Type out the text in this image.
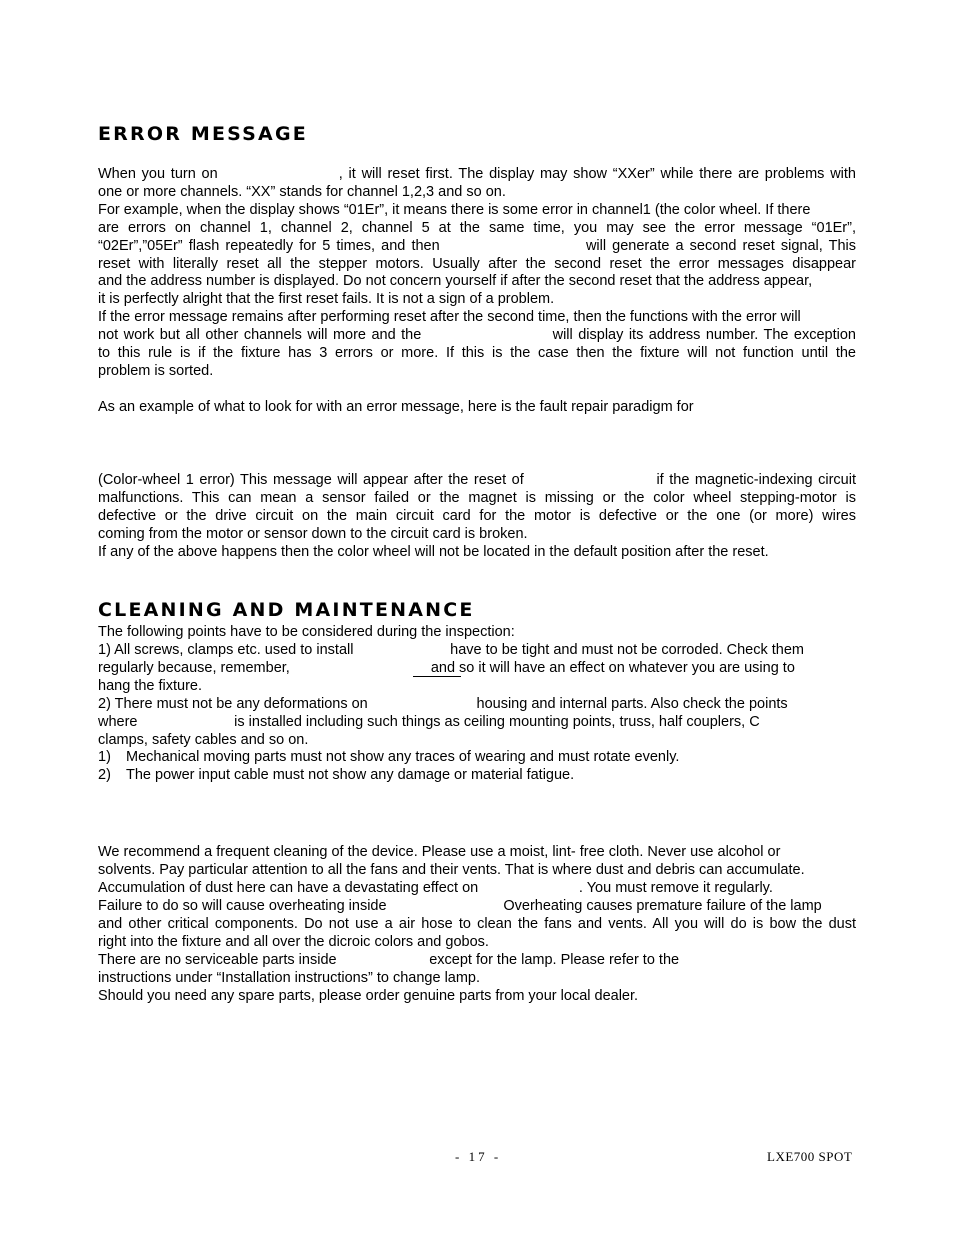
ERROR MESSAGE

When you turn on                     , it will reset first. The display may show “XXer” while there are problems with

one or more channels. “XX” stands for channel 1,2,3 and so on.

For example, when the display shows “01Er”, it means there is some error in channel1 (the color wheel. If there

are errors on channel 1, channel 2, channel 5 at the same time, you may see the error message “01Er”,

“02Er”,”05Er” flash repeatedly for 5 times, and then                        will generate a second reset signal, This

reset with literally reset all the stepper motors. Usually after the second reset the error messages disappear

and the address number is displayed. Do not concern yourself if after the second reset that the address appear,

it is perfectly alright that the first reset fails. It is not a sign of a problem.

If the error message remains after performing reset after the second time, then the functions with the error will

not work but all other channels will more and the                        will display its address number. The exception

to this rule is if the fixture has 3 errors or more. If this is the case then the fixture will not function until the

problem is sorted.

As an example of what to look for with an error message, here is the fault repair paradigm for

(Color-wheel 1 error) This message will appear after the reset of                        if the magnetic-indexing circuit

malfunctions. This can mean a sensor failed or the magnet is missing or the color wheel stepping-motor is

defective or the drive circuit on the main circuit card for the motor is defective or the one (or more) wires

coming from the motor or sensor down to the circuit card is broken.

If any of the above happens then the color wheel will not be located in the default position after the reset.

CLEANING AND MAINTENANCE

The following points have to be considered during the inspection:

1) All screws, clamps etc. used to install                        have to be tight and must not be corroded. Check them

regularly because, remember,                                   and so it will have an effect on whatever you are using to

hang the fixture.

2) There must not be any deformations on                           housing and internal parts. Also check the points

where                        is installed including such things as ceiling mounting points, truss, half couplers, C

clamps, safety cables and so on.

1) Mechanical moving parts must not show any traces of wearing and must rotate evenly.

2) The power input cable must not show any damage or material fatigue.

We recommend a frequent cleaning of the device. Please use a moist, lint- free cloth. Never use alcohol or

solvents. Pay particular attention to all the fans and their vents. That is where dust and debris can accumulate.

Accumulation of dust here can have a devastating effect on                         . You must remove it regularly.

Failure to do so will cause overheating inside                             Overheating causes premature failure of the lamp

and other critical components. Do not use a air hose to clean the fans and vents. All you will do is bow the dust

right into the fixture and all over the dicroic colors and gobos.

There are no serviceable parts inside                       except for the lamp. Please refer to the

instructions under “Installation instructions” to change lamp.

Should you need any spare parts, please order genuine parts from your local dealer.

- 17 -	LXE700 SPOT
